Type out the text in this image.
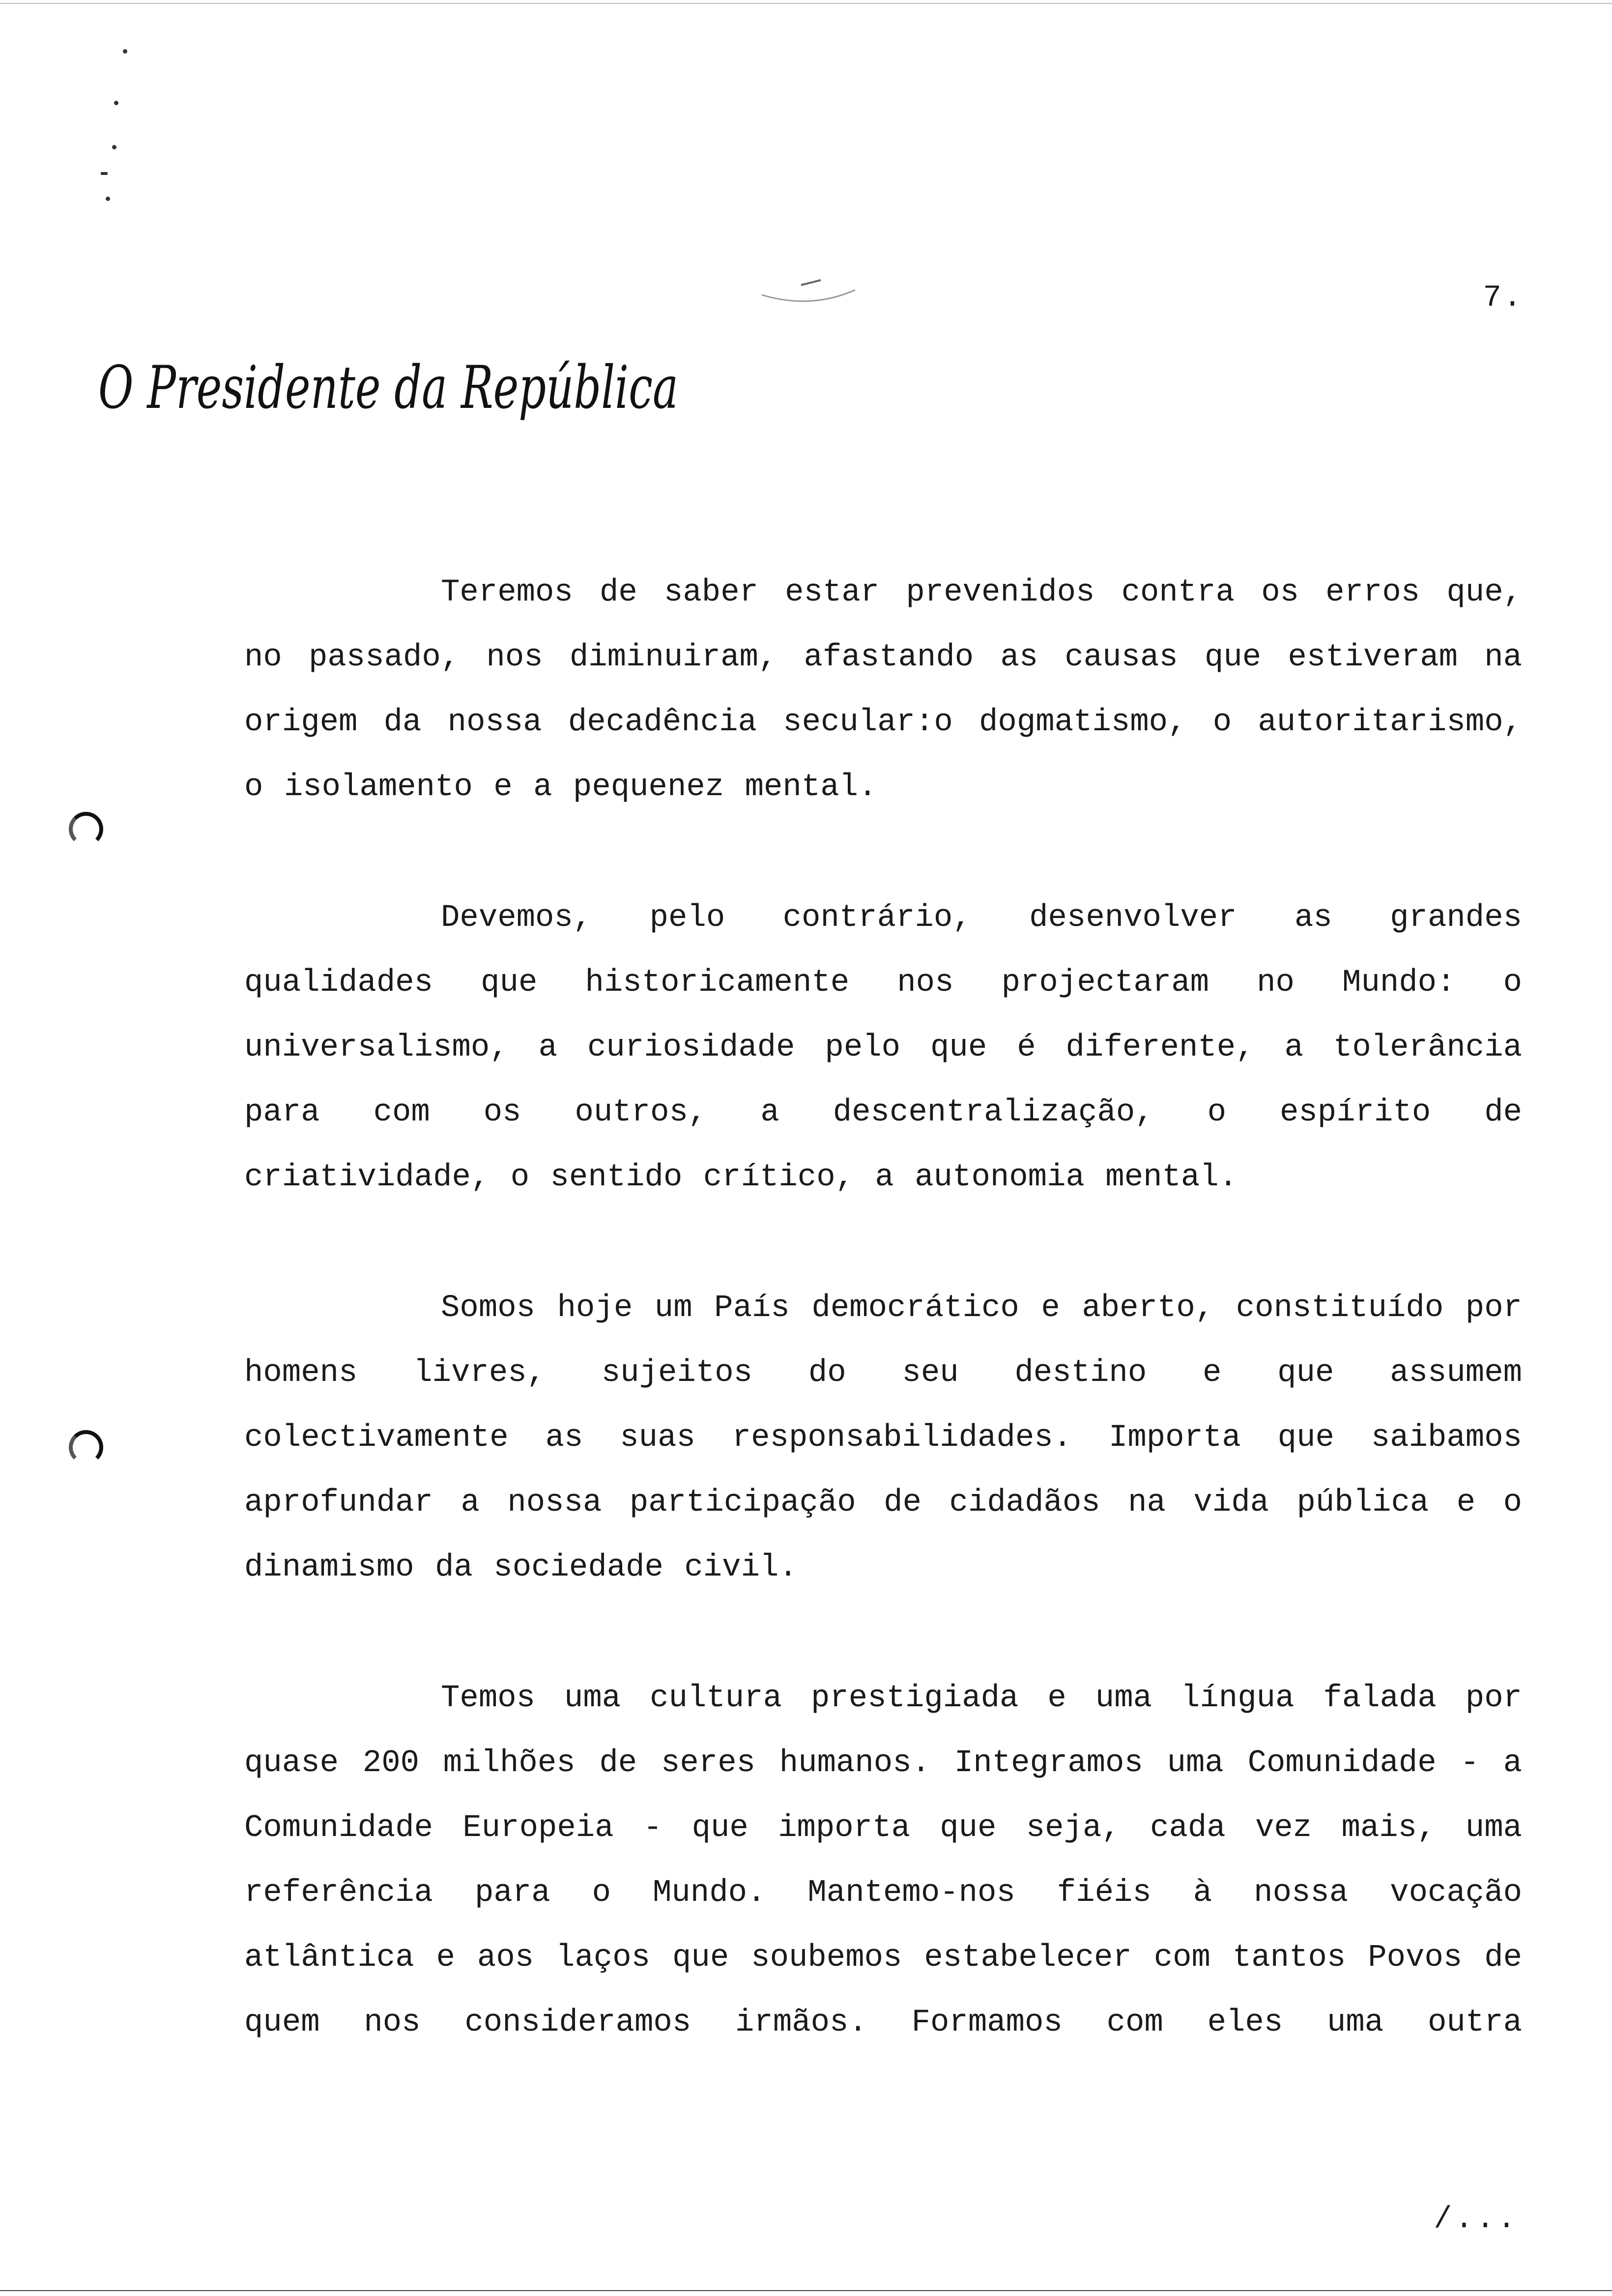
7.
O Presidente da República

Teremos de saber estar prevenidos contra os erros que, no passado, nos diminuiram, afastando as causas que estiveram na origem da nossa decadência secular:o dogmatismo, o autoritarismo, o isolamento e a pequenez mental.

Devemos, pelo contrário, desenvolver as grandes qualidades que historicamente nos projectaram no Mundo: o universalismo, a curiosidade pelo que é diferente, a tolerância para com os outros, a descentralização, o espírito de criatividade, o sentido crítico, a autonomia mental.

Somos hoje um País democrático e aberto, constituído por homens livres, sujeitos do seu destino e que assumem colectivamente as suas responsabilidades. Importa que saibamos aprofundar a nossa participação de cidadãos na vida pública e o dinamismo da sociedade civil.

Temos uma cultura prestigiada e uma língua falada por quase 200 milhões de seres humanos. Integramos uma Comunidade - a Comunidade Europeia - que importa que seja, cada vez mais, uma referência para o Mundo. Mantemo-nos fiéis à nossa vocação atlântica e aos laços que soubemos estabelecer com tantos Povos de quem nos consideramos irmãos. Formamos com eles uma outra

/...
